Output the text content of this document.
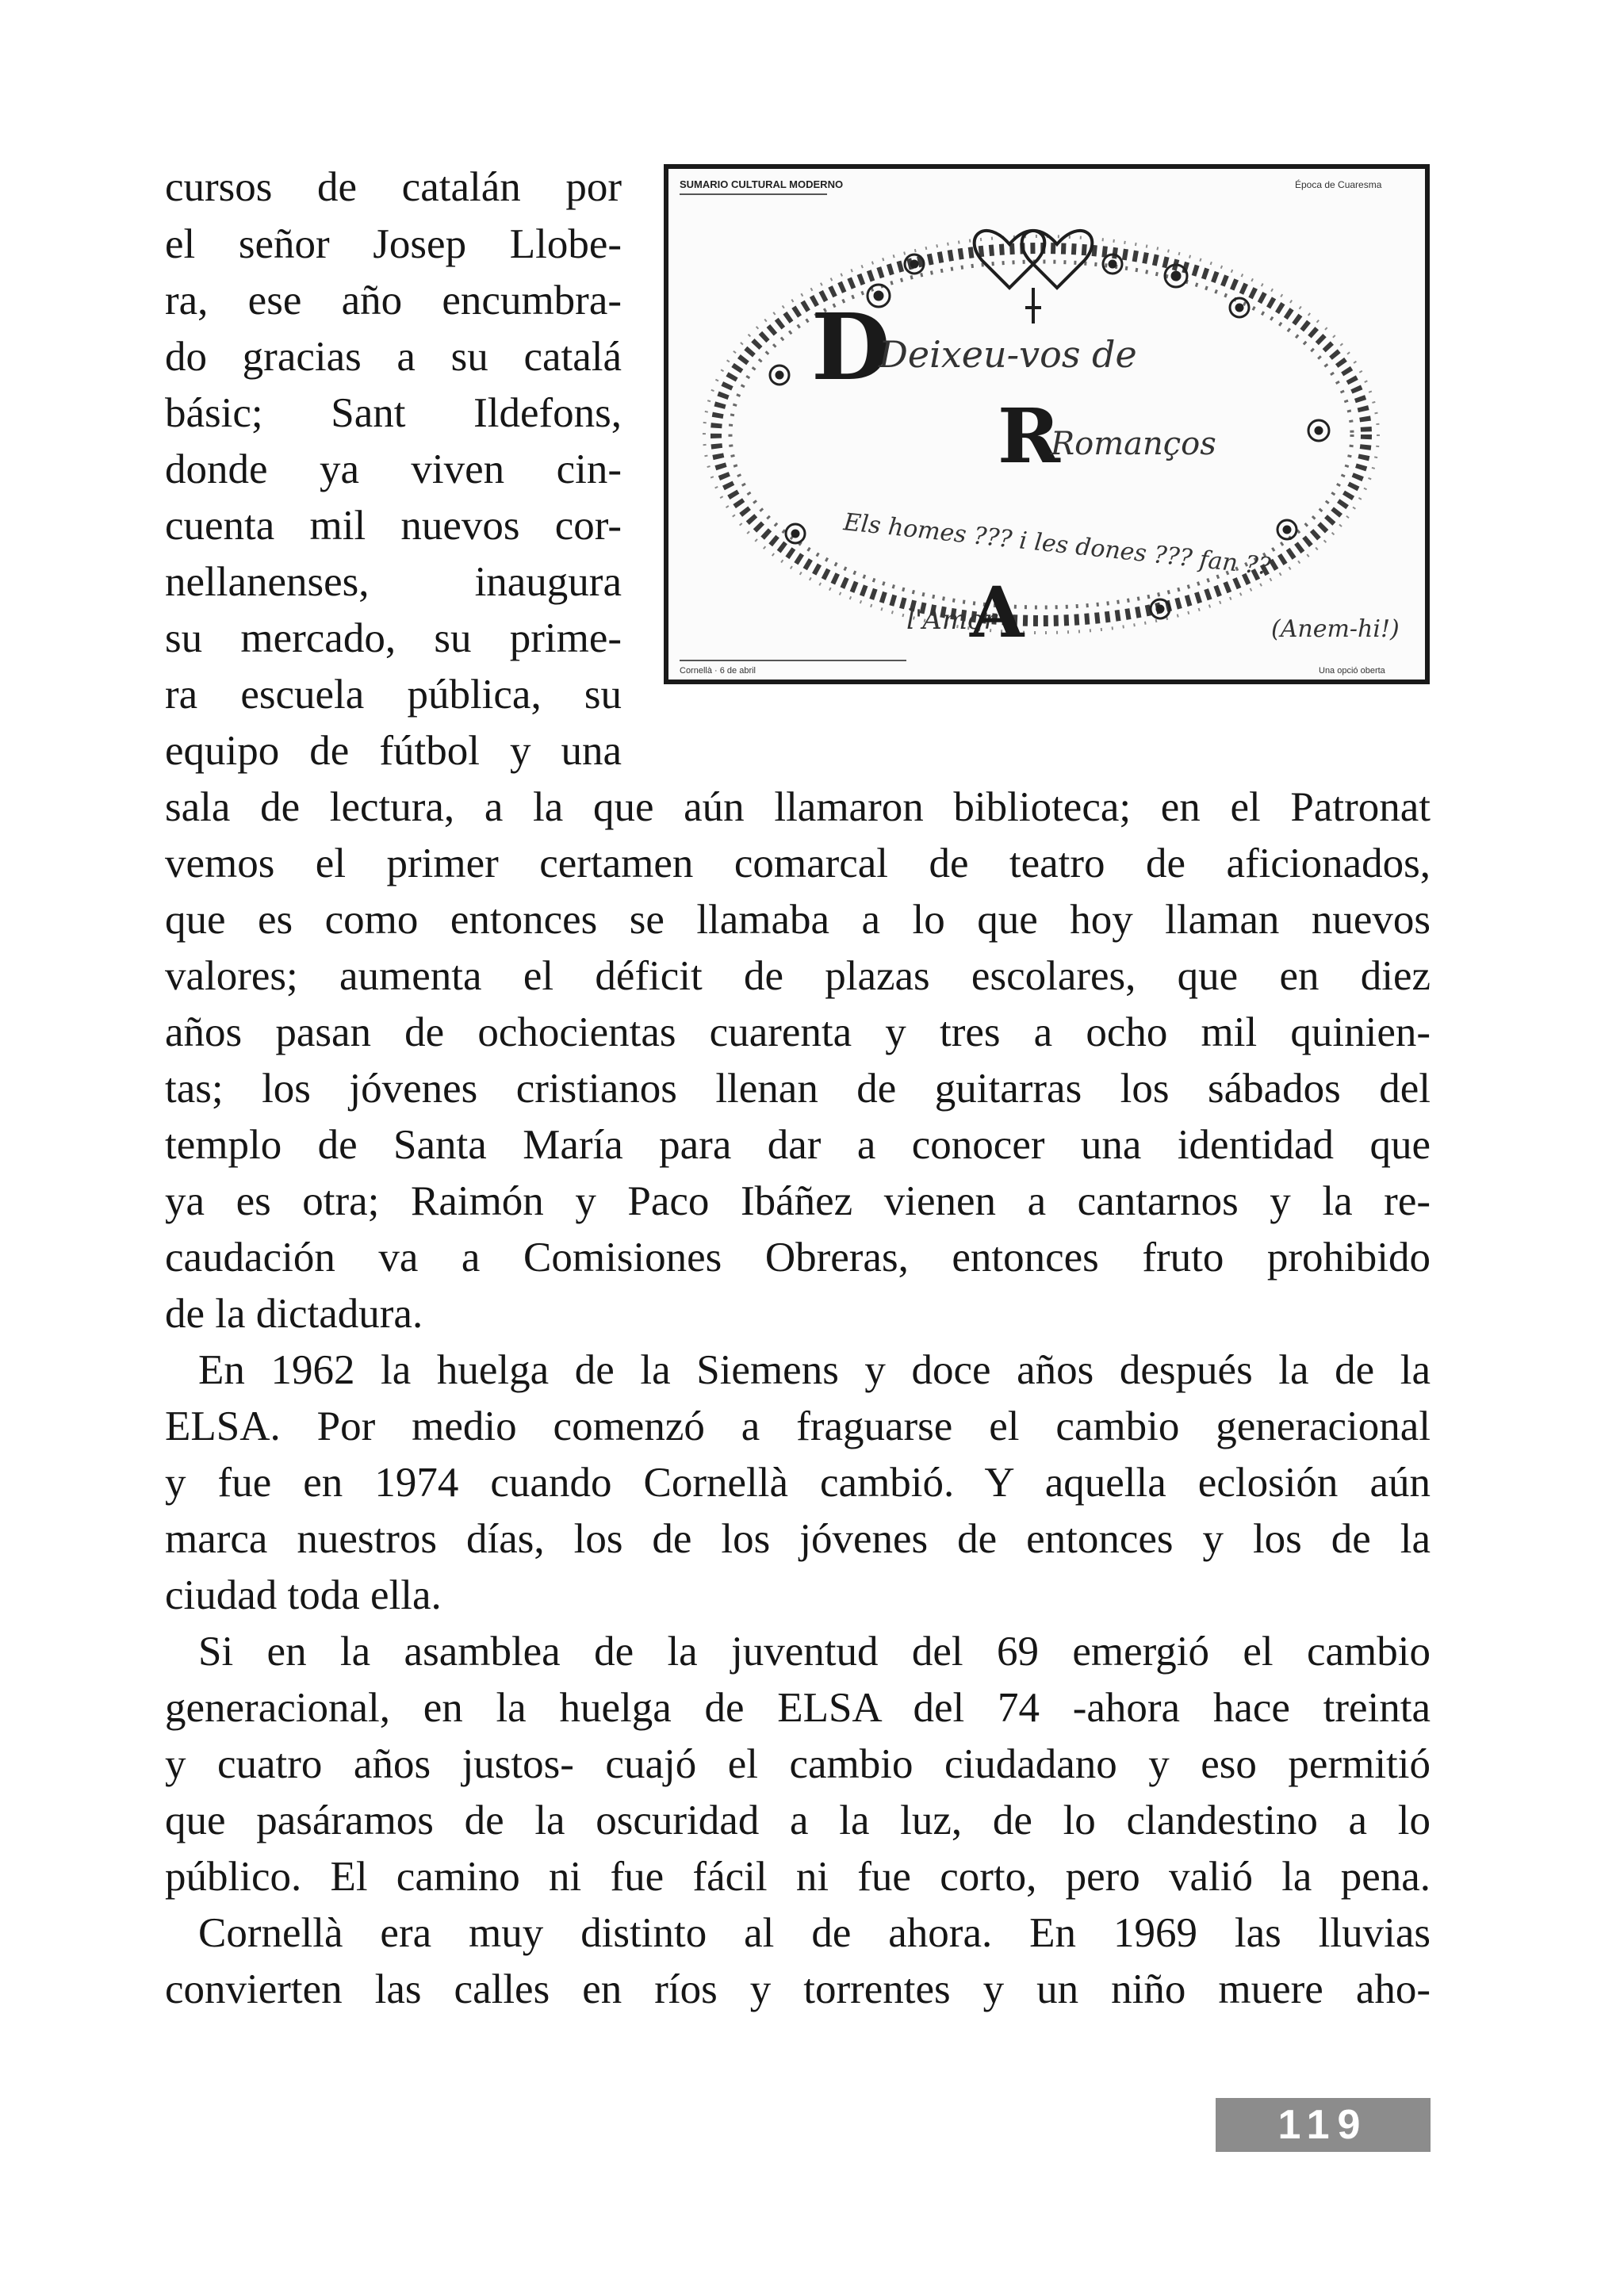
SUMARIO CULTURAL MODERNO	Época de Cuaresma
D
Deixeu-vos de
R
Romanços
Els homes ??? i les dones ??? fan ??
l'Amor
A	(Anem-hi!)
Cornellà · 6 de abril	Una opció oberta
cursos de catalán por
el señor Josep Llobe-
ra, ese año encumbra-
do gracias a su catalá
básic; Sant Ildefons,
donde ya viven cin-
cuenta mil nuevos cor-
nellanenses, inaugura
su mercado, su prime-
ra escuela pública, su
equipo de fútbol y una
sala de lectura, a la que aún llamaron biblioteca; en el Patronat
vemos el primer certamen comarcal de teatro de aficionados,
que es como entonces se llamaba a lo que hoy llaman nuevos
valores; aumenta el déficit de plazas escolares, que en diez
años pasan de ochocientas cuarenta y tres a ocho mil quinien-
tas; los jóvenes cristianos llenan de guitarras los sábados del
templo de Santa María para dar a conocer una identidad que
ya es otra; Raimón y Paco Ibáñez vienen a cantarnos y la re-
caudación va a Comisiones Obreras, entonces fruto prohibido
de la dictadura.
En 1962 la huelga de la Siemens y doce años después la de la
ELSA. Por medio comenzó a fraguarse el cambio generacional
y fue en 1974 cuando Cornellà cambió. Y aquella eclosión aún
marca nuestros días, los de los jóvenes de entonces y los de la
ciudad toda ella.
Si en la asamblea de la juventud del 69 emergió el cambio
generacional, en la huelga de ELSA del 74 -ahora hace treinta
y cuatro años justos- cuajó el cambio ciudadano y eso permitió
que pasáramos de la oscuridad a la luz, de lo clandestino a lo
público. El camino ni fue fácil ni fue corto, pero valió la pena.
Cornellà era muy distinto al de ahora. En 1969 las lluvias
convierten las calles en ríos y torrentes y un niño muere aho-
119
